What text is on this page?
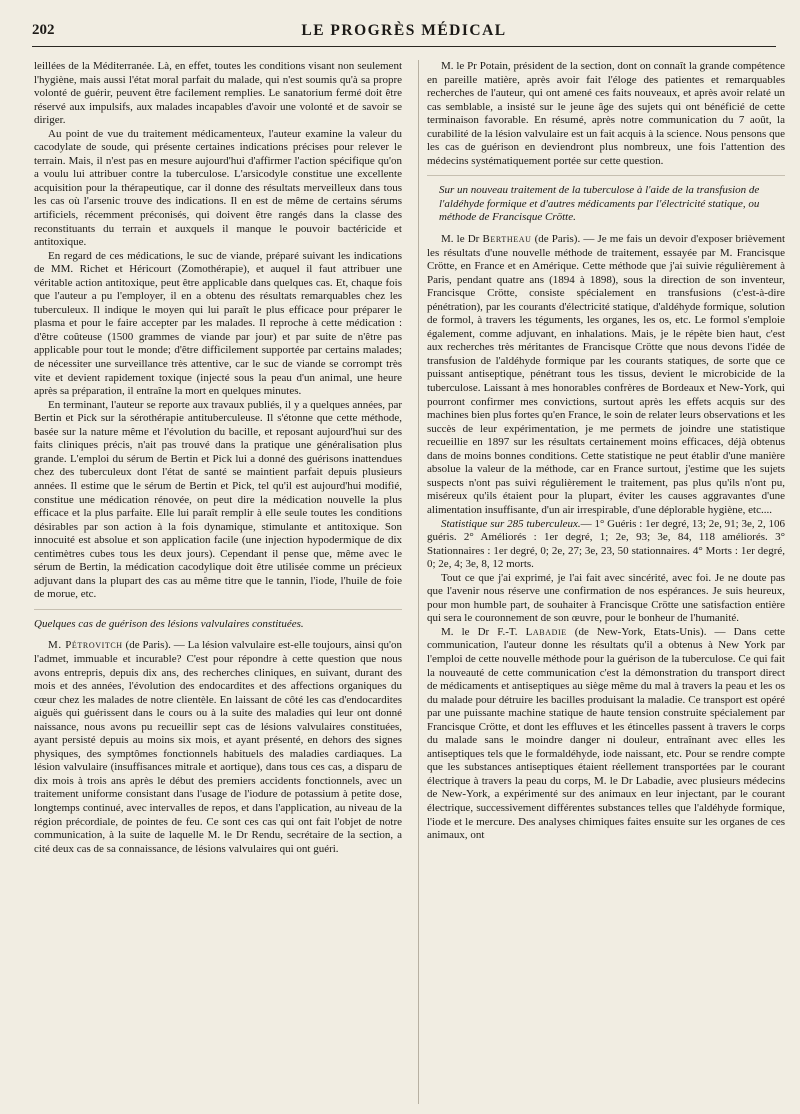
202	LE PROGRÈS MÉDICAL

leillées de la Méditerranée. Là, en effet, toutes les conditions visant non seulement l'hygiène, mais aussi l'état moral parfait du malade, qui n'est soumis qu'à sa propre volonté de guérir, peuvent être facilement remplies. Le sanatorium fermé doit être réservé aux impulsifs, aux malades incapables d'avoir une volonté et de savoir se diriger.

Au point de vue du traitement médicamenteux, l'auteur examine la valeur du cacodylate de soude, qui présente certaines indications précises pour relever le terrain. Mais, il n'est pas en mesure aujourd'hui d'affirmer l'action spécifique qu'on a voulu lui attribuer contre la tuberculose. L'arsicodyle constitue une excellente acquisition pour la thérapeutique, car il donne des résultats merveilleux dans tous les cas où l'arsenic trouve des indications. Il en est de même de certains sérums artificiels, récemment préconisés, qui doivent être rangés dans la classe des reconstituants du terrain et auxquels il manque le pouvoir bactéricide et antitoxique.

En regard de ces médications, le suc de viande, préparé suivant les indications de MM. Richet et Héricourt (Zomothérapie), et auquel il faut attribuer une véritable action antitoxique, peut être applicable dans quelques cas. Et, chaque fois que l'auteur a pu l'employer, il en a obtenu des résultats remarquables chez les tuberculeux. Il indique le moyen qui lui paraît le plus efficace pour préparer le plasma et pour le faire accepter par les malades. Il reproche à cette médication : d'être coûteuse (1500 grammes de viande par jour) et par suite de n'être pas applicable pour tout le monde; d'être difficilement supportée par certains malades; de nécessiter une surveillance très attentive, car le suc de viande se corrompt très vite et devient rapidement toxique (injecté sous la peau d'un animal, une heure après sa préparation, il entraîne la mort en quelques minutes.

En terminant, l'auteur se reporte aux travaux publiés, il y a quelques années, par Bertin et Pick sur la sérothérapie antituberculeuse. Il s'étonne que cette méthode, basée sur la nature même et l'évolution du bacille, et reposant aujourd'hui sur des faits cliniques précis, n'ait pas trouvé dans la pratique une généralisation plus grande. L'emploi du sérum de Bertin et Pick lui a donné des guérisons inattendues chez des tuberculeux dont l'état de santé se maintient parfait depuis plusieurs années. Il estime que le sérum de Bertin et Pick, tel qu'il est aujourd'hui modifié, constitue une médication rénovée, on peut dire la médication nouvelle la plus efficace et la plus parfaite. Elle lui paraît remplir à elle seule toutes les conditions désirables par son action à la fois dynamique, stimulante et antitoxique. Son innocuité est absolue et son application facile (une injection hypodermique de dix centimètres cubes tous les deux jours). Cependant il pense que, même avec le sérum de Bertin, la médication cacodylique doit être utilisée comme un précieux adjuvant dans la plupart des cas au même titre que le tannin, l'iode, l'huile de foie de morue, etc.

Quelques cas de guérison des lésions valvulaires constituées.

M. Pétrovitch (de Paris). — La lésion valvulaire est-elle toujours, ainsi qu'on l'admet, immuable et incurable? C'est pour répondre à cette question que nous avons entrepris, depuis dix ans, des recherches cliniques, en suivant, durant des mois et des années, l'évolution des endocardites et des affections organiques du cœur chez les malades de notre clientèle. En laissant de côté les cas d'endocardites aiguës qui guérissent dans le cours ou à la suite des maladies qui leur ont donné naissance, nous avons pu recueillir sept cas de lésions valvulaires constituées, ayant persisté depuis au moins six mois, et ayant présenté, en dehors des signes physiques, des symptômes fonctionnels habituels des maladies cardiaques. La lésion valvulaire (insuffisances mitrale et aortique), dans tous ces cas, a disparu de dix mois à trois ans après le début des premiers accidents fonctionnels, avec un traitement uniforme consistant dans l'usage de l'iodure de potassium à petite dose, longtemps continué, avec intervalles de repos, et dans l'application, au niveau de la région précordiale, de pointes de feu. Ce sont ces cas qui ont fait l'objet de notre communication, à la suite de laquelle M. le Dr Rendu, secrétaire de la section, a cité deux cas de sa connaissance, de lésions valvulaires qui ont guéri.

M. le Pr Potain, président de la section, dont on connaît la grande compétence en pareille matière, après avoir fait l'éloge des patientes et remarquables recherches de l'auteur, qui ont amené ces faits nouveaux, et après avoir relaté un cas semblable, a insisté sur le jeune âge des sujets qui ont bénéficié de cette terminaison favorable. En résumé, après notre communication du 7 août, la curabilité de la lésion valvulaire est un fait acquis à la science. Nous pensons que les cas de guérison en deviendront plus nombreux, une fois l'attention des médecins systématiquement portée sur cette question.

Sur un nouveau traitement de la tuberculose à l'aide de la transfusion de l'aldéhyde formique et d'autres médicaments par l'électricité statique, ou méthode de Francisque Crötte.

M. le Dr Bertheau (de Paris). — Je me fais un devoir d'exposer brièvement les résultats d'une nouvelle méthode de traitement, essayée par M. Francisque Crötte, en France et en Amérique. Cette méthode que j'ai suivie régulièrement à Paris, pendant quatre ans (1894 à 1898), sous la direction de son inventeur, Francisque Crötte, consiste spécialement en transfusions (c'est-à-dire pénétration), par les courants d'électricité statique, d'aldéhyde formique, solution de formol, à travers les téguments, les organes, les os, etc. Le formol s'emploie également, comme adjuvant, en inhalations. Mais, je le répète bien haut, c'est aux recherches très méritantes de Francisque Crötte que nous devons l'idée de transfusion de l'aldéhyde formique par les courants statiques, de sorte que ce puissant antiseptique, pénétrant tous les tissus, devient le microbicide de la tuberculose. Laissant à mes honorables confrères de Bordeaux et New-York, qui pourront confirmer mes convictions, surtout après les effets acquis sur des machines bien plus fortes qu'en France, le soin de relater leurs observations et les succès de leur expérimentation, je me permets de joindre une statistique recueillie en 1897 sur les résultats certainement moins efficaces, déjà obtenus dans de moins bonnes conditions. Cette statistique ne peut établir d'une manière absolue la valeur de la méthode, car en France surtout, j'estime que les sujets suspects n'ont pas suivi régulièrement le traitement, pas plus qu'ils n'ont pu, miséreux qu'ils étaient pour la plupart, éviter les causes aggravantes d'une alimentation insuffisante, d'un air irrespirable, d'une déplorable hygiène, etc....

Statistique sur 285 tuberculeux.— 1° Guéris : 1er degré, 13; 2e, 91; 3e, 2, 106 guéris. 2° Améliorés : 1er degré, 1; 2e, 93; 3e, 84, 118 améliorés. 3° Stationnaires : 1er degré, 0; 2e, 27; 3e, 23, 50 stationnaires. 4° Morts : 1er degré, 0; 2e, 4; 3e, 8, 12 morts.

Tout ce que j'ai exprimé, je l'ai fait avec sincérité, avec foi. Je ne doute pas que l'avenir nous réserve une confirmation de nos espérances. Je suis heureux, pour mon humble part, de souhaiter à Francisque Crötte une satisfaction entière qui sera le couronnement de son œuvre, pour le bonheur de l'humanité.

M. le Dr F.-T. Labadie (de New-York, Etats-Unis). — Dans cette communication, l'auteur donne les résultats qu'il a obtenus à New York par l'emploi de cette nouvelle méthode pour la guérison de la tuberculose. Ce qui fait la nouveauté de cette communication c'est la démonstration du transport direct de médicaments et antiseptiques au siège même du mal à travers la peau et les os du malade pour détruire les bacilles produisant la maladie. Ce transport est opéré par une puissante machine statique de haute tension construite spécialement par Francisque Crötte, et dont les effluves et les étincelles passent à travers le corps du malade sans le moindre danger ni douleur, entraînant avec elles les antiseptiques tels que le formaldéhyde, iode naissant, etc. Pour se rendre compte que les substances antiseptiques étaient réellement transportées par le courant électrique à travers la peau du corps, M. le Dr Labadie, avec plusieurs médecins de New-York, a expérimenté sur des animaux en leur injectant, par le courant électrique, successivement différentes substances telles que l'aldéhyde formique, l'iode et le mercure. Des analyses chimiques faites ensuite sur les organes de ces animaux, ont
